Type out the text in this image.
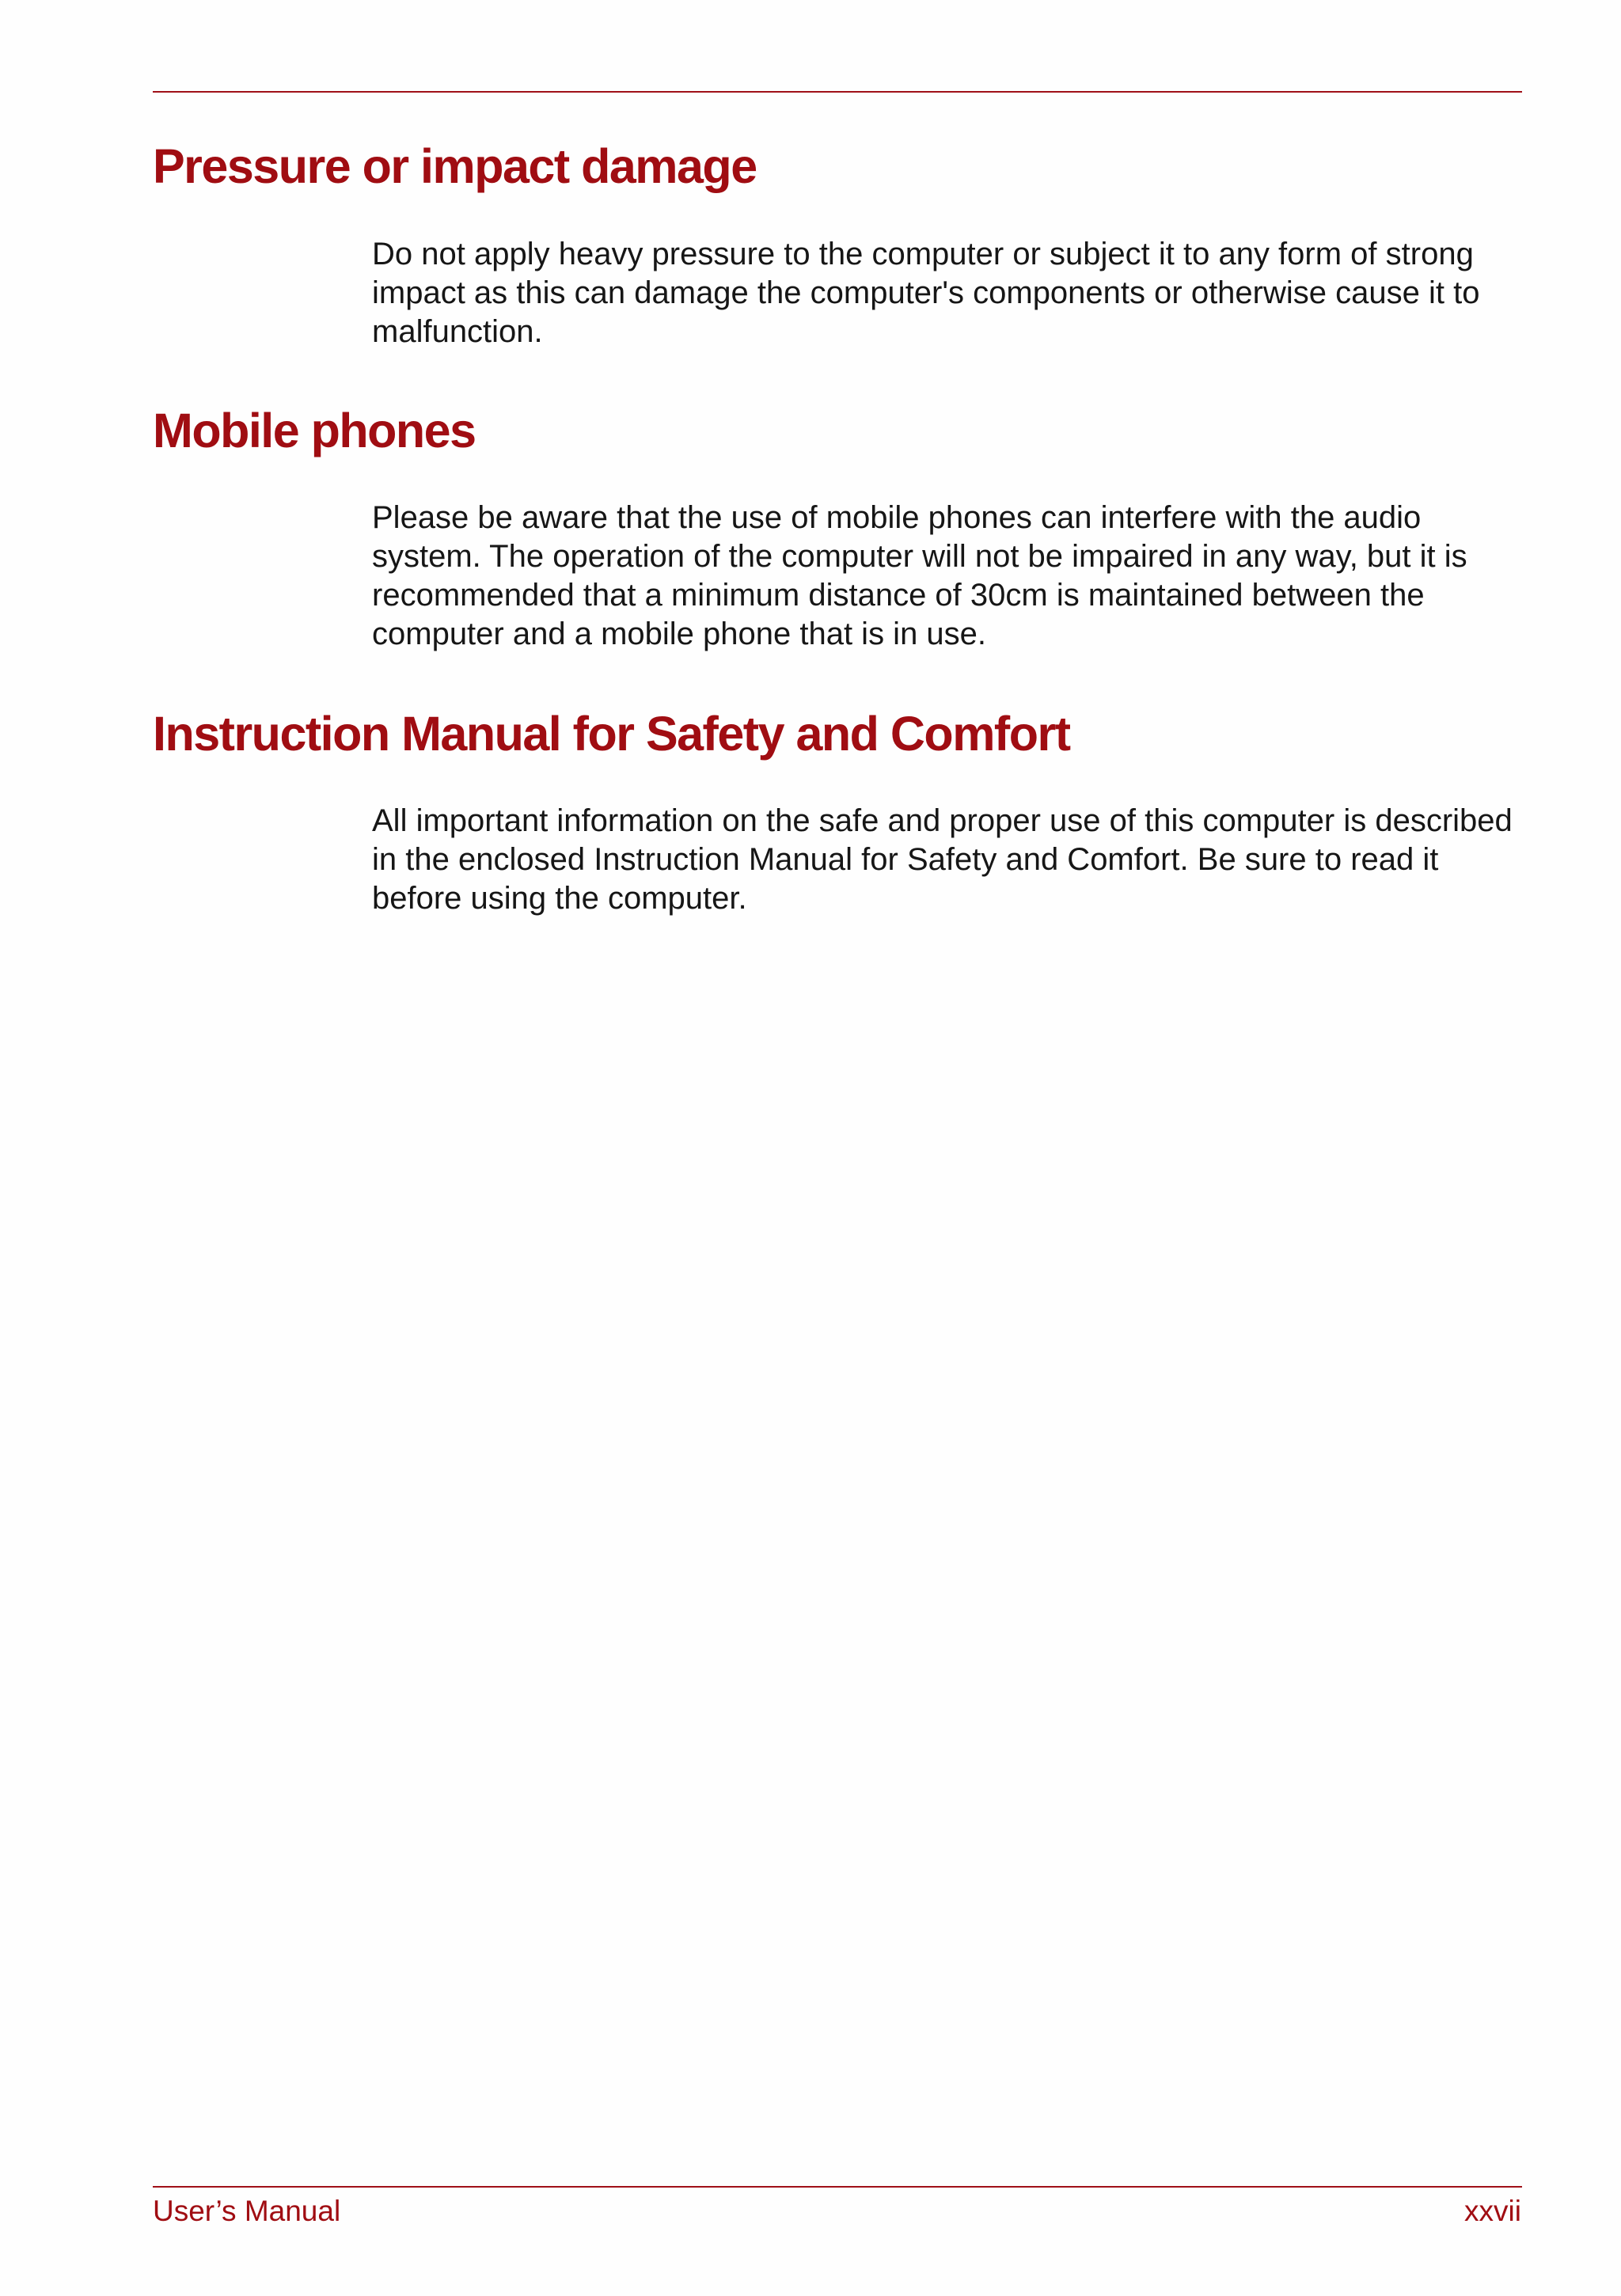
Pressure or impact damage

Do not apply heavy pressure to the computer or subject it to any form of strong impact as this can damage the computer's components or otherwise cause it to malfunction.

Mobile phones

Please be aware that the use of mobile phones can interfere with the audio system. The operation of the computer will not be impaired in any way, but it is recommended that a minimum distance of 30cm is maintained between the computer and a mobile phone that is in use.

Instruction Manual for Safety and Comfort

All important information on the safe and proper use of this computer is described in the enclosed Instruction Manual for Safety and Comfort. Be sure to read it before using the computer.

User’s Manual	xxvii
